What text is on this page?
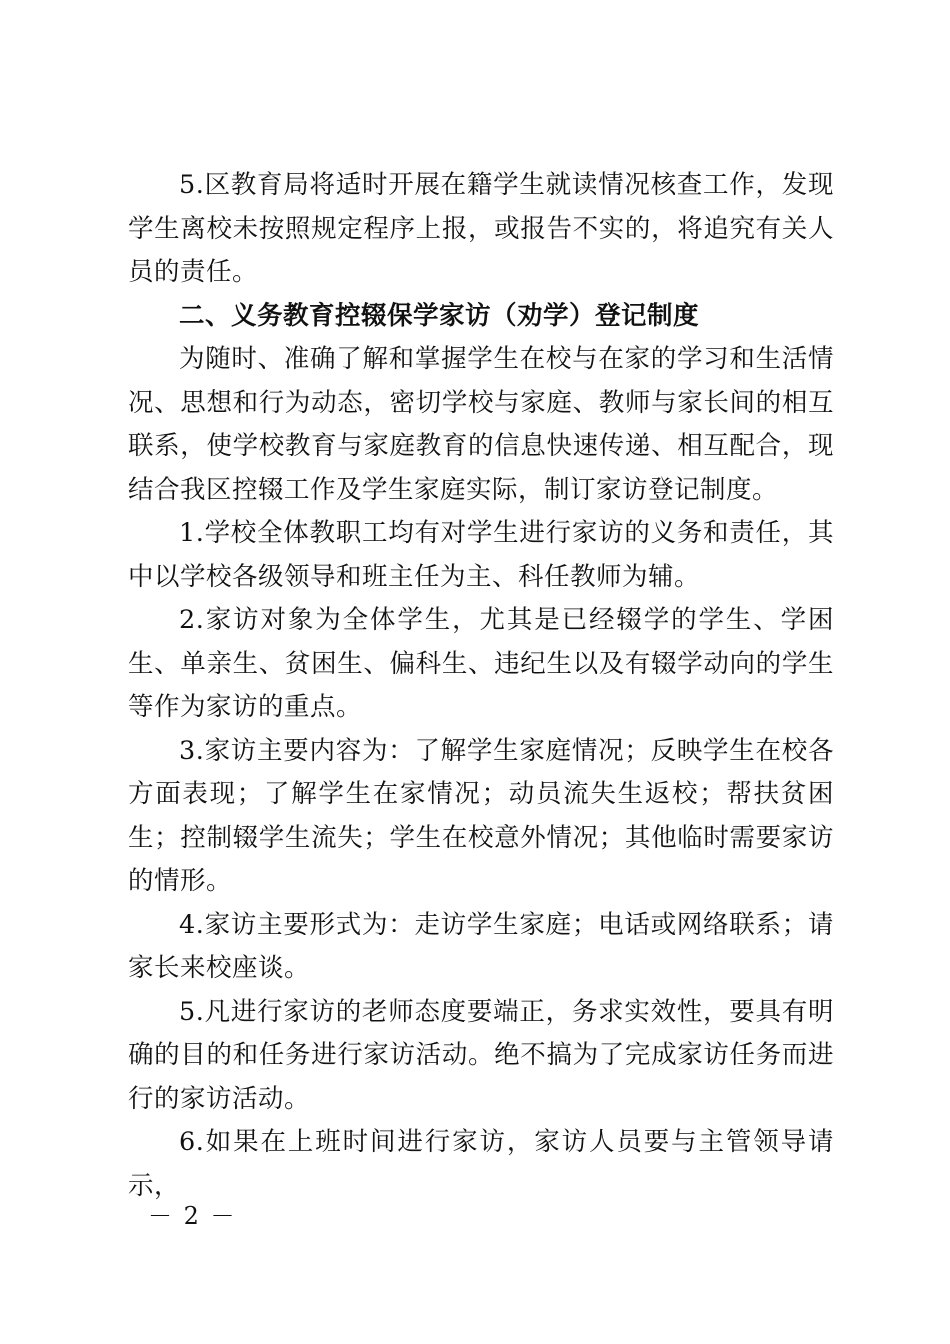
5.区教育局将适时开展在籍学生就读情况核查工作，发现学生离校未按照规定程序上报，或报告不实的，将追究有关人员的责任。

二、义务教育控辍保学家访（劝学）登记制度

为随时、准确了解和掌握学生在校与在家的学习和生活情况、思想和行为动态，密切学校与家庭、教师与家长间的相互联系，使学校教育与家庭教育的信息快速传递、相互配合，现结合我区控辍工作及学生家庭实际，制订家访登记制度。

1.学校全体教职工均有对学生进行家访的义务和责任，其中以学校各级领导和班主任为主、科任教师为辅。

2.家访对象为全体学生，尤其是已经辍学的学生、学困生、单亲生、贫困生、偏科生、违纪生以及有辍学动向的学生等作为家访的重点。

3.家访主要内容为：了解学生家庭情况；反映学生在校各方面表现；了解学生在家情况；动员流失生返校；帮扶贫困生；控制辍学生流失；学生在校意外情况；其他临时需要家访的情形。

4.家访主要形式为：走访学生家庭；电话或网络联系；请家长来校座谈。

5.凡进行家访的老师态度要端正，务求实效性，要具有明确的目的和任务进行家访活动。绝不搞为了完成家访任务而进行的家访活动。

6.如果在上班时间进行家访，家访人员要与主管领导请示，

－ 2 －
